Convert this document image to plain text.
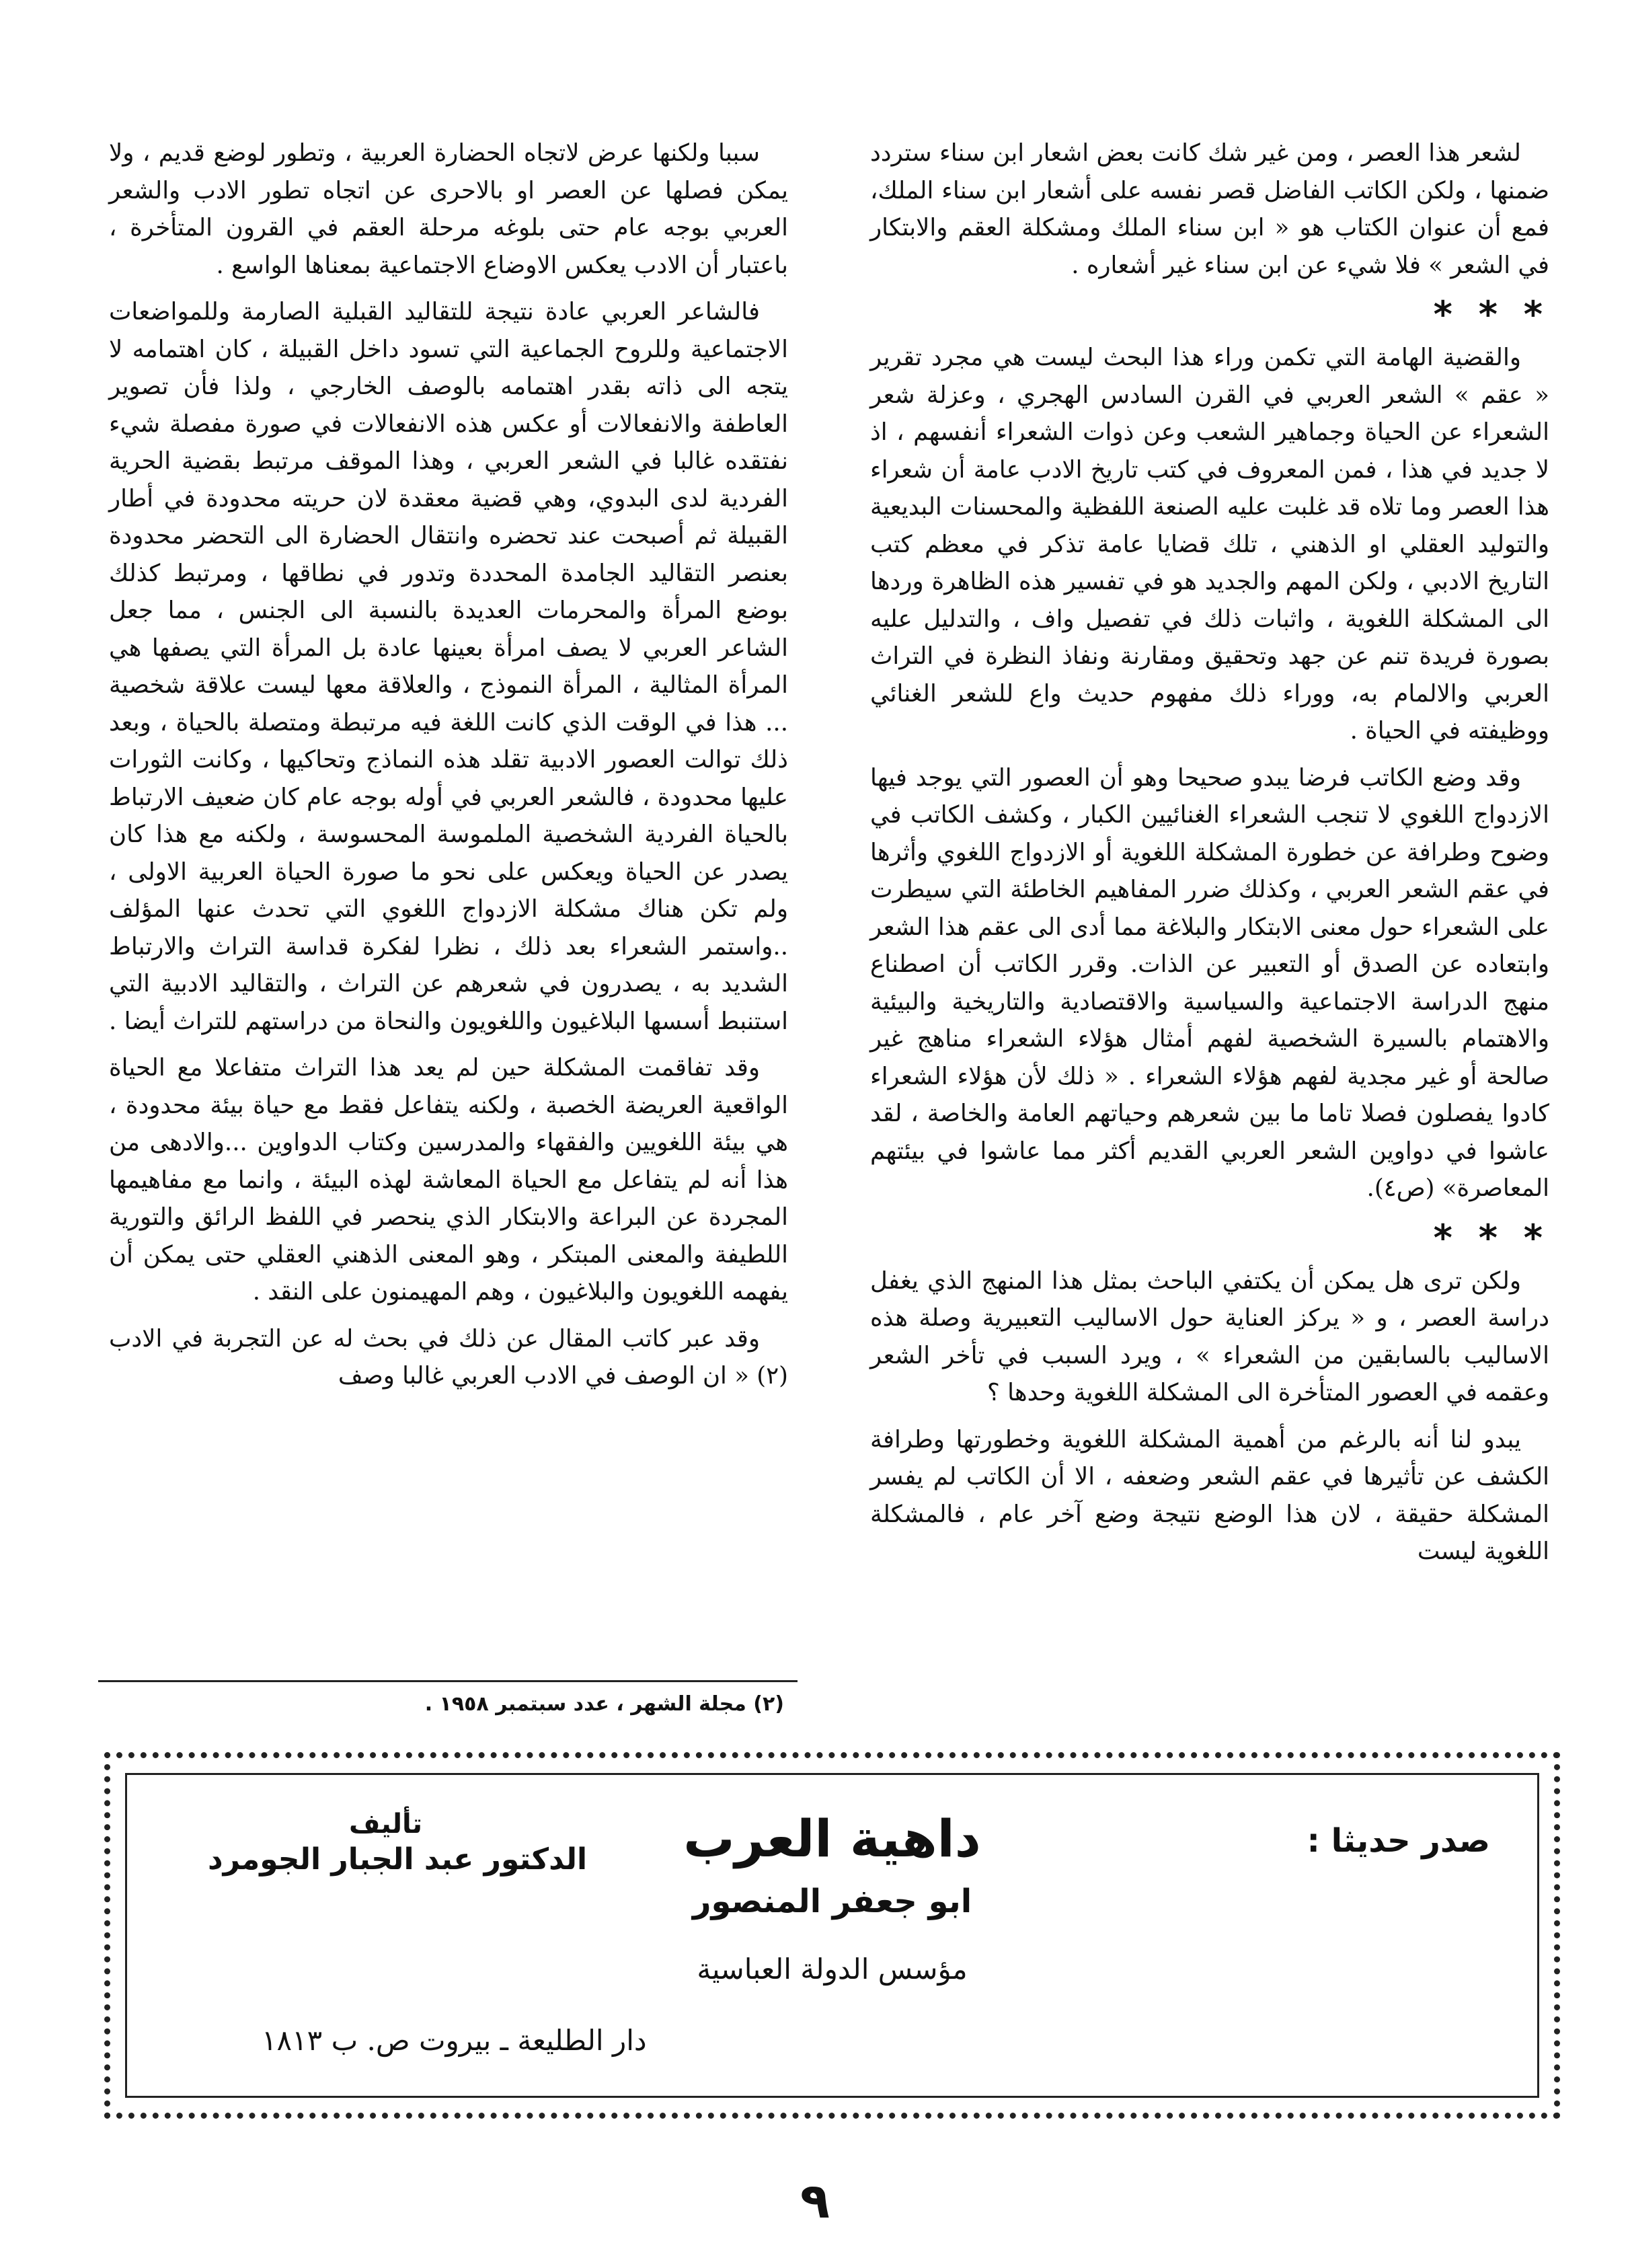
لشعر هذا العصر ، ومن غير شك كانت بعض اشعار ابن سناء ستردد ضمنها ، ولكن الكاتب الفاضل قصر نفسه على أشعار ابن سناء الملك، فمع أن عنوان الكتاب هو « ابن سناء الملك ومشكلة العقم والابتكار في الشعر » فلا شيء عن ابن سناء غير أشعاره .

* * *

والقضية الهامة التي تكمن وراء هذا البحث ليست هي مجرد تقرير « عقم » الشعر العربي في القرن السادس الهجري ، وعزلة شعر الشعراء عن الحياة وجماهير الشعب وعن ذوات الشعراء أنفسهم ، اذ لا جديد في هذا ، فمن المعروف في كتب تاريخ الادب عامة أن شعراء هذا العصر وما تلاه قد غلبت عليه الصنعة اللفظية والمحسنات البديعية والتوليد العقلي او الذهني ، تلك قضايا عامة تذكر في معظم كتب التاريخ الادبي ، ولكن المهم والجديد هو في تفسير هذه الظاهرة وردها الى المشكلة اللغوية ، واثبات ذلك في تفصيل واف ، والتدليل عليه بصورة فريدة تنم عن جهد وتحقيق ومقارنة ونفاذ النظرة في التراث العربي والالمام به، ووراء ذلك مفهوم حديث واع للشعر الغنائي ووظيفته في الحياة .

وقد وضع الكاتب فرضا يبدو صحيحا وهو أن العصور التي يوجد فيها الازدواج اللغوي لا تنجب الشعراء الغنائيين الكبار ، وكشف الكاتب في وضوح وطرافة عن خطورة المشكلة اللغوية أو الازدواج اللغوي وأثرها في عقم الشعر العربي ، وكذلك ضرر المفاهيم الخاطئة التي سيطرت على الشعراء حول معنى الابتكار والبلاغة مما أدى الى عقم هذا الشعر وابتعاده عن الصدق أو التعبير عن الذات. وقرر الكاتب أن اصطناع منهج الدراسة الاجتماعية والسياسية والاقتصادية والتاريخية والبيئية والاهتمام بالسيرة الشخصية لفهم أمثال هؤلاء الشعراء مناهج غير صالحة أو غير مجدية لفهم هؤلاء الشعراء . « ذلك لأن هؤلاء الشعراء كادوا يفصلون فصلا تاما ما بين شعرهم وحياتهم العامة والخاصة ، لقد عاشوا في دواوين الشعر العربي القديم أكثر مما عاشوا في بيئتهم المعاصرة» (ص٤).

* * *

ولكن ترى هل يمكن أن يكتفي الباحث بمثل هذا المنهج الذي يغفل دراسة العصر ، و « يركز العناية حول الاساليب التعبيرية وصلة هذه الاساليب بالسابقين من الشعراء » ، ويرد السبب في تأخر الشعر وعقمه في العصور المتأخرة الى المشكلة اللغوية وحدها ؟

يبدو لنا أنه بالرغم من أهمية المشكلة اللغوية وخطورتها وطرافة الكشف عن تأثيرها في عقم الشعر وضعفه ، الا أن الكاتب لم يفسر المشكلة حقيقة ، لان هذا الوضع نتيجة وضع آخر عام ، فالمشكلة اللغوية ليست

سببا ولكنها عرض لاتجاه الحضارة العربية ، وتطور لوضع قديم ، ولا يمكن فصلها عن العصر او بالاحرى عن اتجاه تطور الادب والشعر العربي بوجه عام حتى بلوغه مرحلة العقم في القرون المتأخرة ، باعتبار أن الادب يعكس الاوضاع الاجتماعية بمعناها الواسع .

فالشاعر العربي عادة نتيجة للتقاليد القبلية الصارمة وللمواضعات الاجتماعية وللروح الجماعية التي تسود داخل القبيلة ، كان اهتمامه لا يتجه الى ذاته بقدر اهتمامه بالوصف الخارجي ، ولذا فأن تصوير العاطفة والانفعالات أو عكس هذه الانفعالات في صورة مفصلة شيء نفتقده غالبا في الشعر العربي ، وهذا الموقف مرتبط بقضية الحرية الفردية لدى البدوي، وهي قضية معقدة لان حريته محدودة في أطار القبيلة ثم أصبحت عند تحضره وانتقال الحضارة الى التحضر محدودة بعنصر التقاليد الجامدة المحددة وتدور في نطاقها ، ومرتبط كذلك بوضع المرأة والمحرمات العديدة بالنسبة الى الجنس ، مما جعل الشاعر العربي لا يصف امرأة بعينها عادة بل المرأة التي يصفها هي المرأة المثالية ، المرأة النموذج ، والعلاقة معها ليست علاقة شخصية ... هذا في الوقت الذي كانت اللغة فيه مرتبطة ومتصلة بالحياة ، وبعد ذلك توالت العصور الادبية تقلد هذه النماذج وتحاكيها ، وكانت الثورات عليها محدودة ، فالشعر العربي في أوله بوجه عام كان ضعيف الارتباط بالحياة الفردية الشخصية الملموسة المحسوسة ، ولكنه مع هذا كان يصدر عن الحياة ويعكس على نحو ما صورة الحياة العربية الاولى ، ولم تكن هناك مشكلة الازدواج اللغوي التي تحدث عنها المؤلف ..واستمر الشعراء بعد ذلك ، نظرا لفكرة قداسة التراث والارتباط الشديد به ، يصدرون في شعرهم عن التراث ، والتقاليد الادبية التي استنبط أسسها البلاغيون واللغويون والنحاة من دراستهم للتراث أيضا .

وقد تفاقمت المشكلة حين لم يعد هذا التراث متفاعلا مع الحياة الواقعية العريضة الخصبة ، ولكنه يتفاعل فقط مع حياة بيئة محدودة ، هي بيئة اللغويين والفقهاء والمدرسين وكتاب الدواوين ...والادهى من هذا أنه لم يتفاعل مع الحياة المعاشة لهذه البيئة ، وانما مع مفاهيمها المجردة عن البراعة والابتكار الذي ينحصر في اللفظ الرائق والتورية اللطيفة والمعنى المبتكر ، وهو المعنى الذهني العقلي حتى يمكن أن يفهمه اللغويون والبلاغيون ، وهم المهيمنون على النقد .

وقد عبر كاتب المقال عن ذلك في بحث له عن التجربة في الادب (٢) « ان الوصف في الادب العربي غالبا وصف

(٢) مجلة الشهر ، عدد سبتمبر ١٩٥٨ .
صدر حديثا :
داهية العرب
ابو جعفر المنصور
مؤسس الدولة العباسية
تأليف
الدكتور عبد الجبار الجومرد
دار الطليعة ـ بيروت ص. ب ١٨١٣
٩
